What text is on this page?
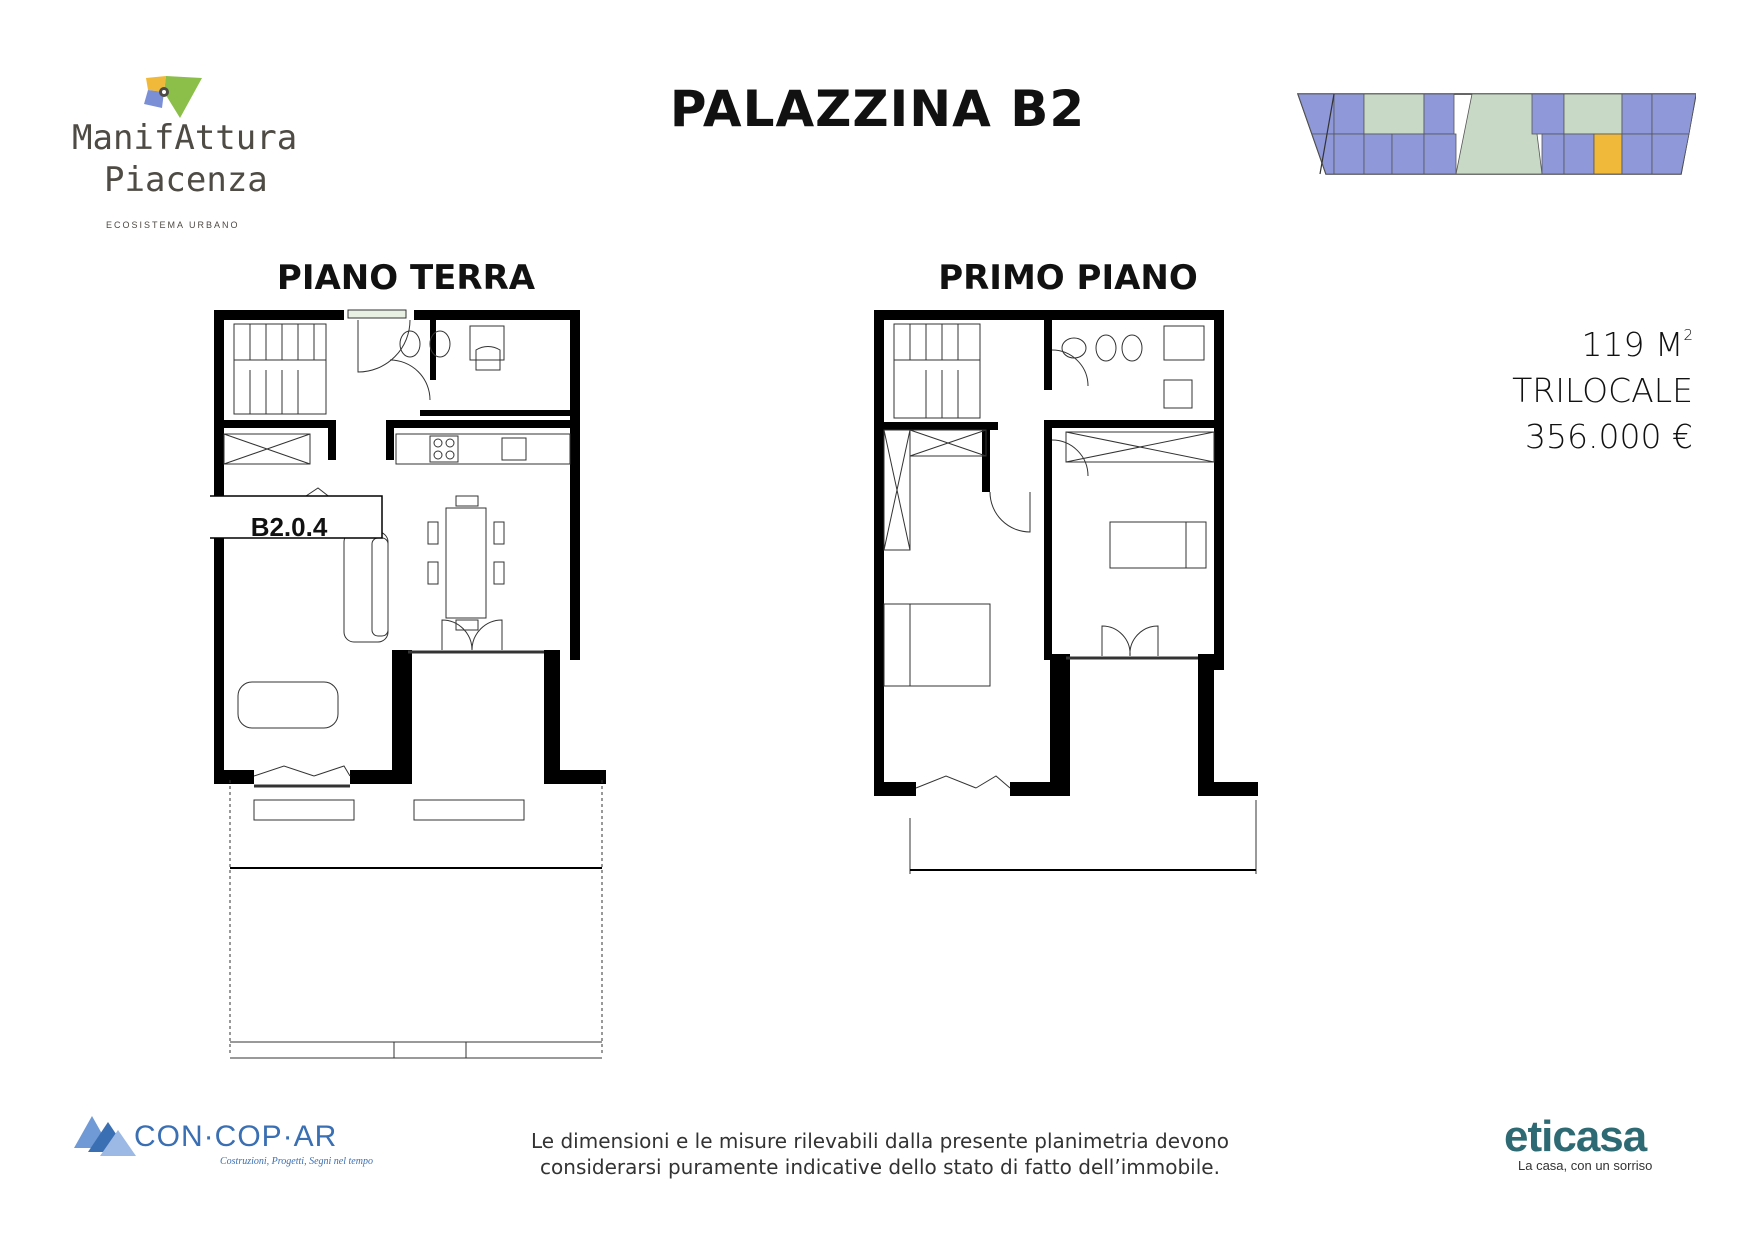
ManifAttura
Piacenza
ECOSISTEMA URBANO
PALAZZINA B2
PIANO TERRA	PRIMO PIANO
B2.0.4
119 $M^2$
TRILOCALE
356.000 €
CON·COP·AR
Costruzioni, Progetti, Segni nel tempo
Le dimensioni e le misure rilevabili dalla presente planimetria devono
considerarsi puramente indicative dello stato di fatto dell’immobile.
eticasa
La casa, con un sorriso
